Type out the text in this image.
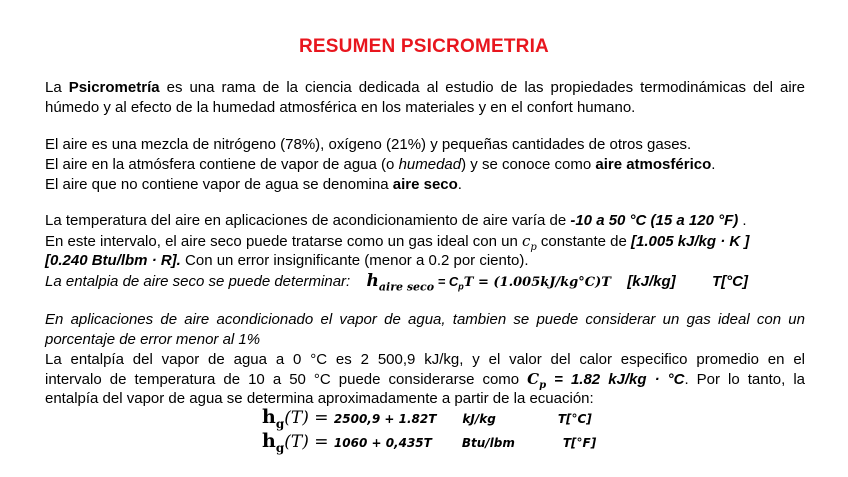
RESUMEN PSICROMETRIA
La Psicrometría es una rama de la ciencia dedicada al estudio de las propiedades termodinámicas del aire
húmedo y al efecto de la humedad atmosférica en los materiales y en el confort humano.
El aire es una mezcla de nitrógeno (78%), oxígeno (21%) y pequeñas cantidades de otros gases.
El aire en la atmósfera contiene de vapor de agua (o humedad) y se conoce como aire atmosférico.
El aire que no contiene vapor de agua se denomina aire seco.
La temperatura del aire en aplicaciones de acondicionamiento de aire varía de -10 a 50 °C (15 a 120 °F) .
En este intervalo, el aire seco puede tratarse como un gas ideal con un $c_p$ constante de [1.005 kJ/kg · K ]
[0.240 Btu/lbm · R]. Con un error insignificante (menor a 0.2 por ciento).
La entalpia de aire seco se puede determinar: $h_{aire seco} = C_pT = (1.005kJ/kg^\circ C)T$ [kJ/kg] T[°C]
En aplicaciones de aire acondicionado el vapor de agua, tambien se puede considerar un gas ideal con un
porcentaje de error menor al 1%
La entalpía del vapor de agua a 0 °C es 2 500,9 kJ/kg, y el valor del calor especifico promedio en el
intervalo de temperatura de 10 a 50 °C puede considerarse como $C_p = 1.82$ kJ/kg · °C. Por lo tanto, la
entalpía del vapor de agua se determina aproximadamente a partir de la ecuación:
$h_g(T) = 2500,9 + 1.82T$ kJ/kg	T[°C]
$h_g(T) = 1060 + 0,435T$	Btu/lbm	T[°F]
